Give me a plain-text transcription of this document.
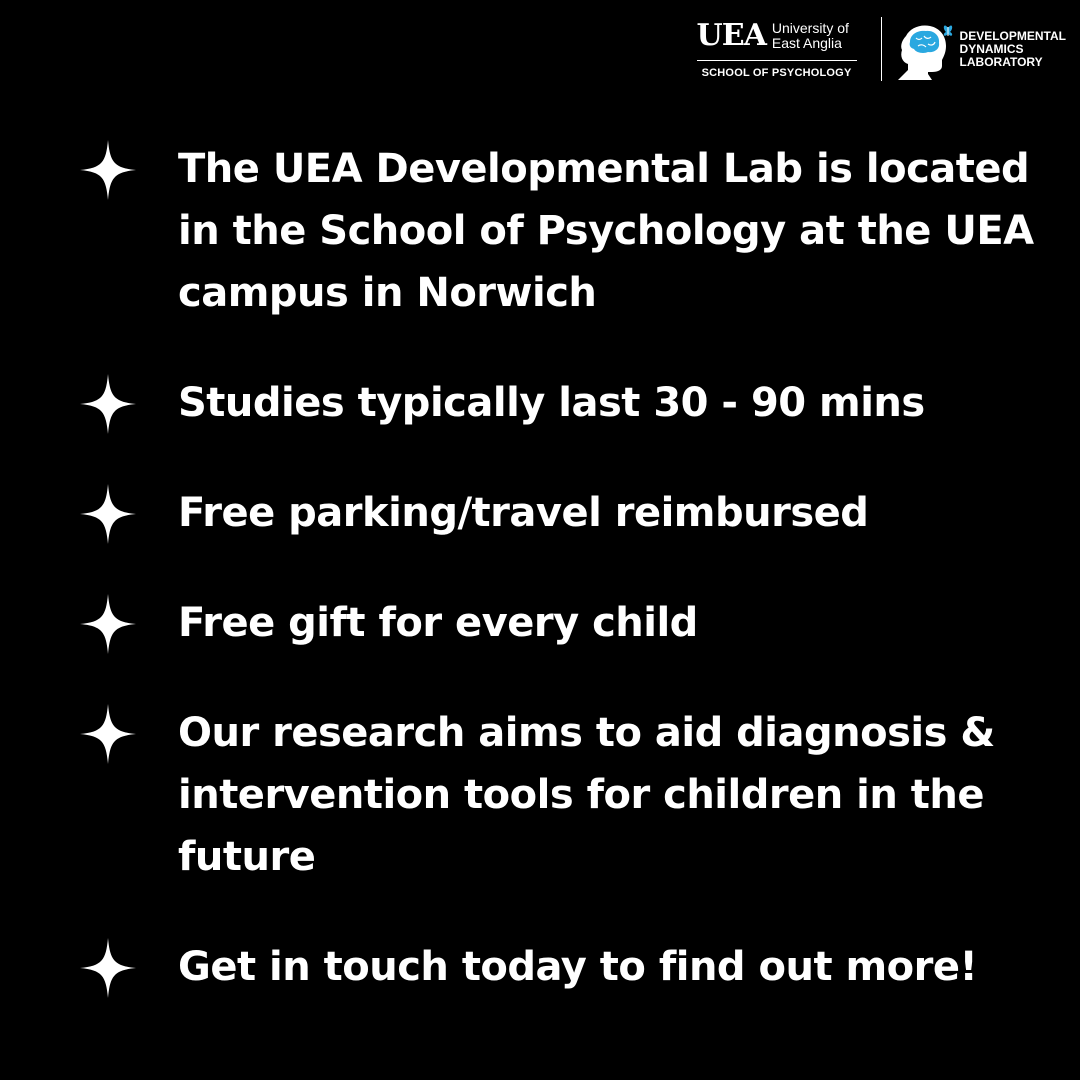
UEA University of
East Anglia
SCHOOL OF PSYCHOLOGY
DEVELOPMENTAL
DYNAMICS
LABORATORY
The UEA Developmental Lab is located in the School of Psychology at the UEA campus in Norwich
Studies typically last 30 - 90 mins
Free parking/travel reimbursed
Free gift for every child
Our research aims to aid diagnosis & intervention tools for children in the future
Get in touch today to find out more!
